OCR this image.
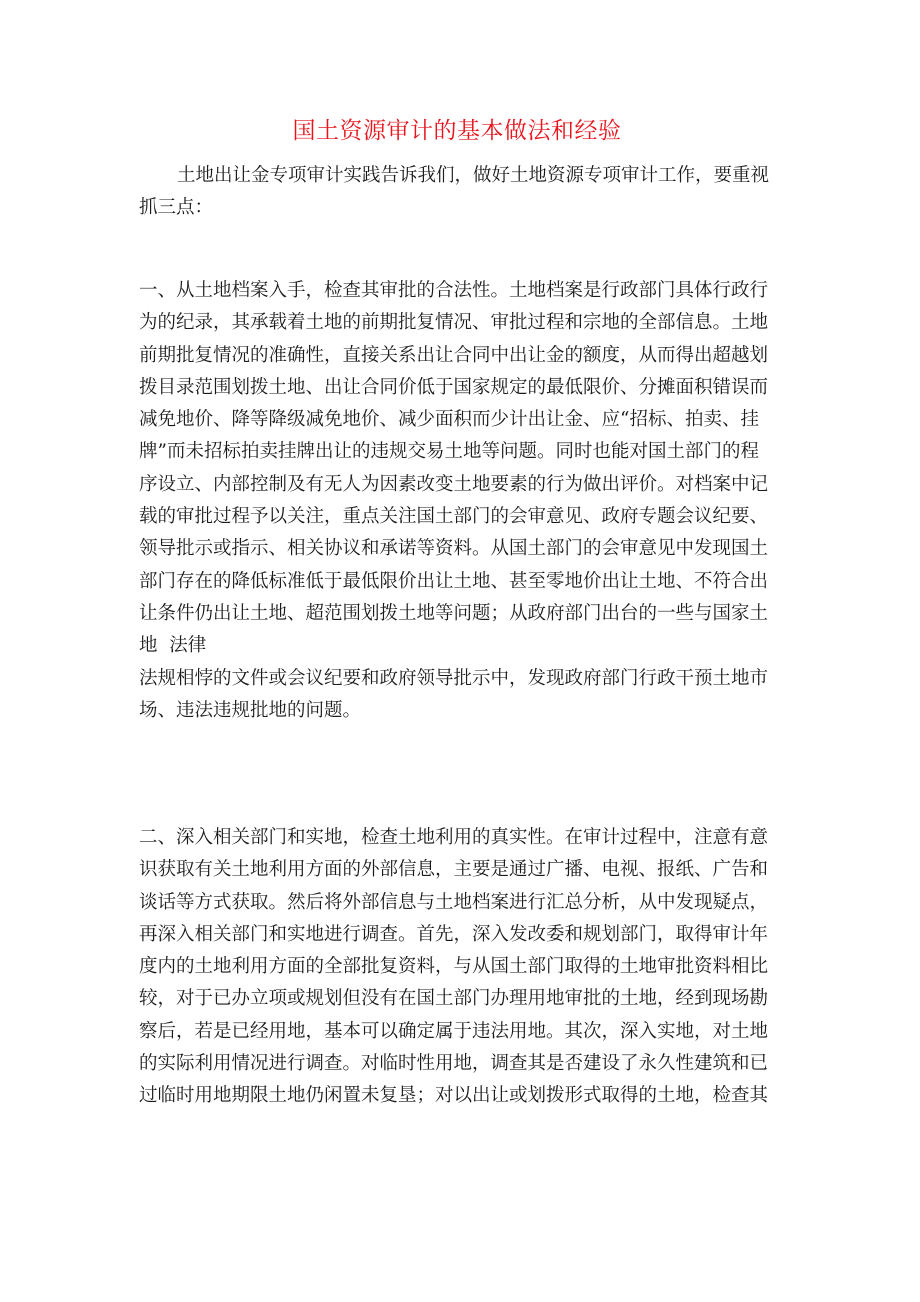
国土资源审计的基本做法和经验
土地出让金专项审计实践告诉我们，做好土地资源专项审计工作，要重视
抓三点：
一、从土地档案入手，检查其审批的合法性。土地档案是行政部门具体行政行
为的纪录，其承载着土地的前期批复情况、审批过程和宗地的全部信息。土地
前期批复情况的准确性，直接关系出让合同中出让金的额度，从而得出超越划
拨目录范围划拨土地、出让合同价低于国家规定的最低限价、分摊面积错误而
减免地价、降等降级减免地价、减少面积而少计出让金、应“招标、拍卖、挂
牌”而未招标拍卖挂牌出让的违规交易土地等问题。同时也能对国土部门的程
序设立、内部控制及有无人为因素改变土地要素的行为做出评价。对档案中记
载的审批过程予以关注，重点关注国土部门的会审意见、政府专题会议纪要、
领导批示或指示、相关协议和承诺等资料。从国土部门的会审意见中发现国土
部门存在的降低标准低于最低限价出让土地、甚至零地价出让土地、不符合出
让条件仍出让土地、超范围划拨土地等问题；从政府部门出台的一些与国家土
地  法律
法规相悖的文件或会议纪要和政府领导批示中，发现政府部门行政干预土地市
场、违法违规批地的问题。
二、深入相关部门和实地，检查土地利用的真实性。在审计过程中，注意有意
识获取有关土地利用方面的外部信息，主要是通过广播、电视、报纸、广告和
谈话等方式获取。然后将外部信息与土地档案进行汇总分析，从中发现疑点，
再深入相关部门和实地进行调查。首先，深入发改委和规划部门，取得审计年
度内的土地利用方面的全部批复资料，与从国土部门取得的土地审批资料相比
较，对于已办立项或规划但没有在国土部门办理用地审批的土地，经到现场勘
察后，若是已经用地，基本可以确定属于违法用地。其次，深入实地，对土地
的实际利用情况进行调查。对临时性用地，调查其是否建设了永久性建筑和已
过临时用地期限土地仍闲置未复垦；对以出让或划拨形式取得的土地，检查其
